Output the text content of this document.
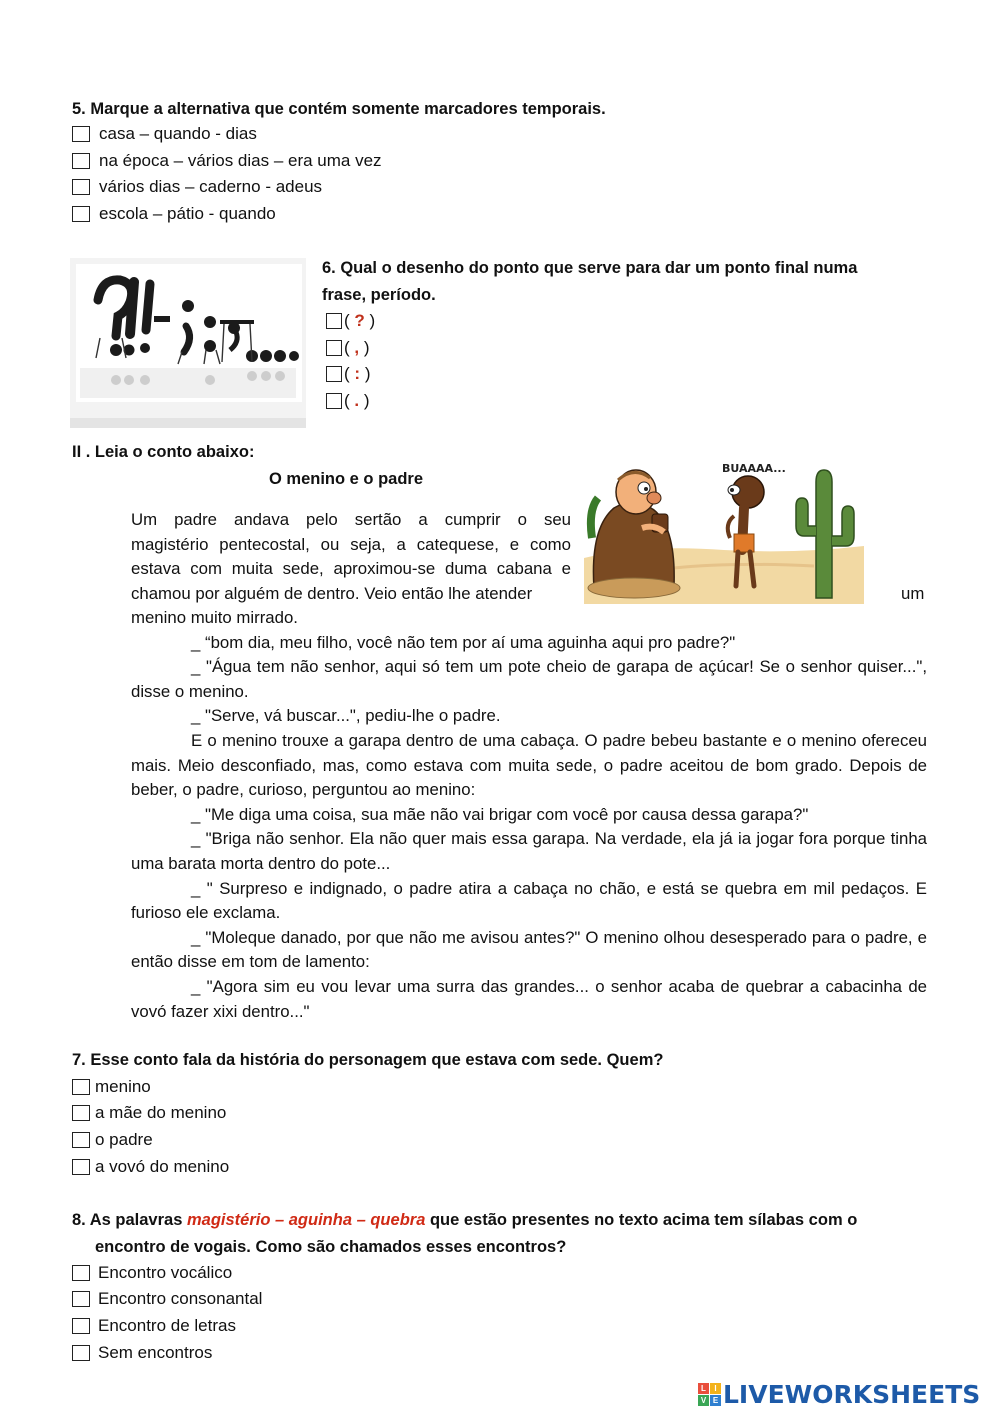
5. Marque a alternativa que contém somente marcadores temporais.
casa – quando - dias
na época – vários dias – era uma vez
vários dias – caderno - adeus
escola – pátio - quando
6. Qual o desenho do ponto que serve para dar um ponto final numa
frase, período.
(
?
)
(
,
)
(
:
)
(
.
)
II . Leia o conto abaixo:
O menino e o padre
BUAAAA...
Um padre andava pelo sertão a cumprir o seu
magistério pentecostal, ou seja, a catequese, e como
estava com muita sede, aproximou-se duma cabana e
chamou por alguém de dentro. Veio então lhe atender	um

menino muito mirrado.

_ “bom dia, meu filho, você não tem por aí uma aguinha aqui pro padre?"

_ "Água tem não senhor, aqui só tem um pote cheio de garapa de açúcar! Se o senhor quiser...", disse o menino.

_ "Serve, vá buscar...", pediu-lhe o padre.

E o menino trouxe a garapa dentro de uma cabaça. O padre bebeu bastante e o menino ofereceu mais. Meio desconfiado, mas, como estava com muita sede, o padre aceitou de bom grado. Depois de beber, o padre, curioso, perguntou ao menino:

_ "Me diga uma coisa, sua mãe não vai brigar com você por causa dessa garapa?"

_ "Briga não senhor. Ela não quer mais essa garapa. Na verdade, ela já ia jogar fora porque tinha uma barata morta dentro do pote...

_ " Surpreso e indignado, o padre atira a cabaça no chão, e está se quebra em mil pedaços. E furioso ele exclama.

_ "Moleque danado, por que não me avisou antes?" O menino olhou desesperado para o padre, e então disse em tom de lamento:

_ "Agora sim eu vou levar uma surra das grandes... o senhor acaba de quebrar a cabacinha de vovó fazer xixi dentro..."

7. Esse conto fala da história do personagem que estava com sede. Quem?
menino
a mãe do menino
o padre
a vovó do menino
8. As palavras magistério – aguinha – quebra que estão presentes no texto acima tem sílabas com o
encontro de vogais. Como são chamados esses encontros?
Encontro vocálico
Encontro consonantal
Encontro de letras
Sem encontros
L	I
V E LIVEWORKSHEETS
